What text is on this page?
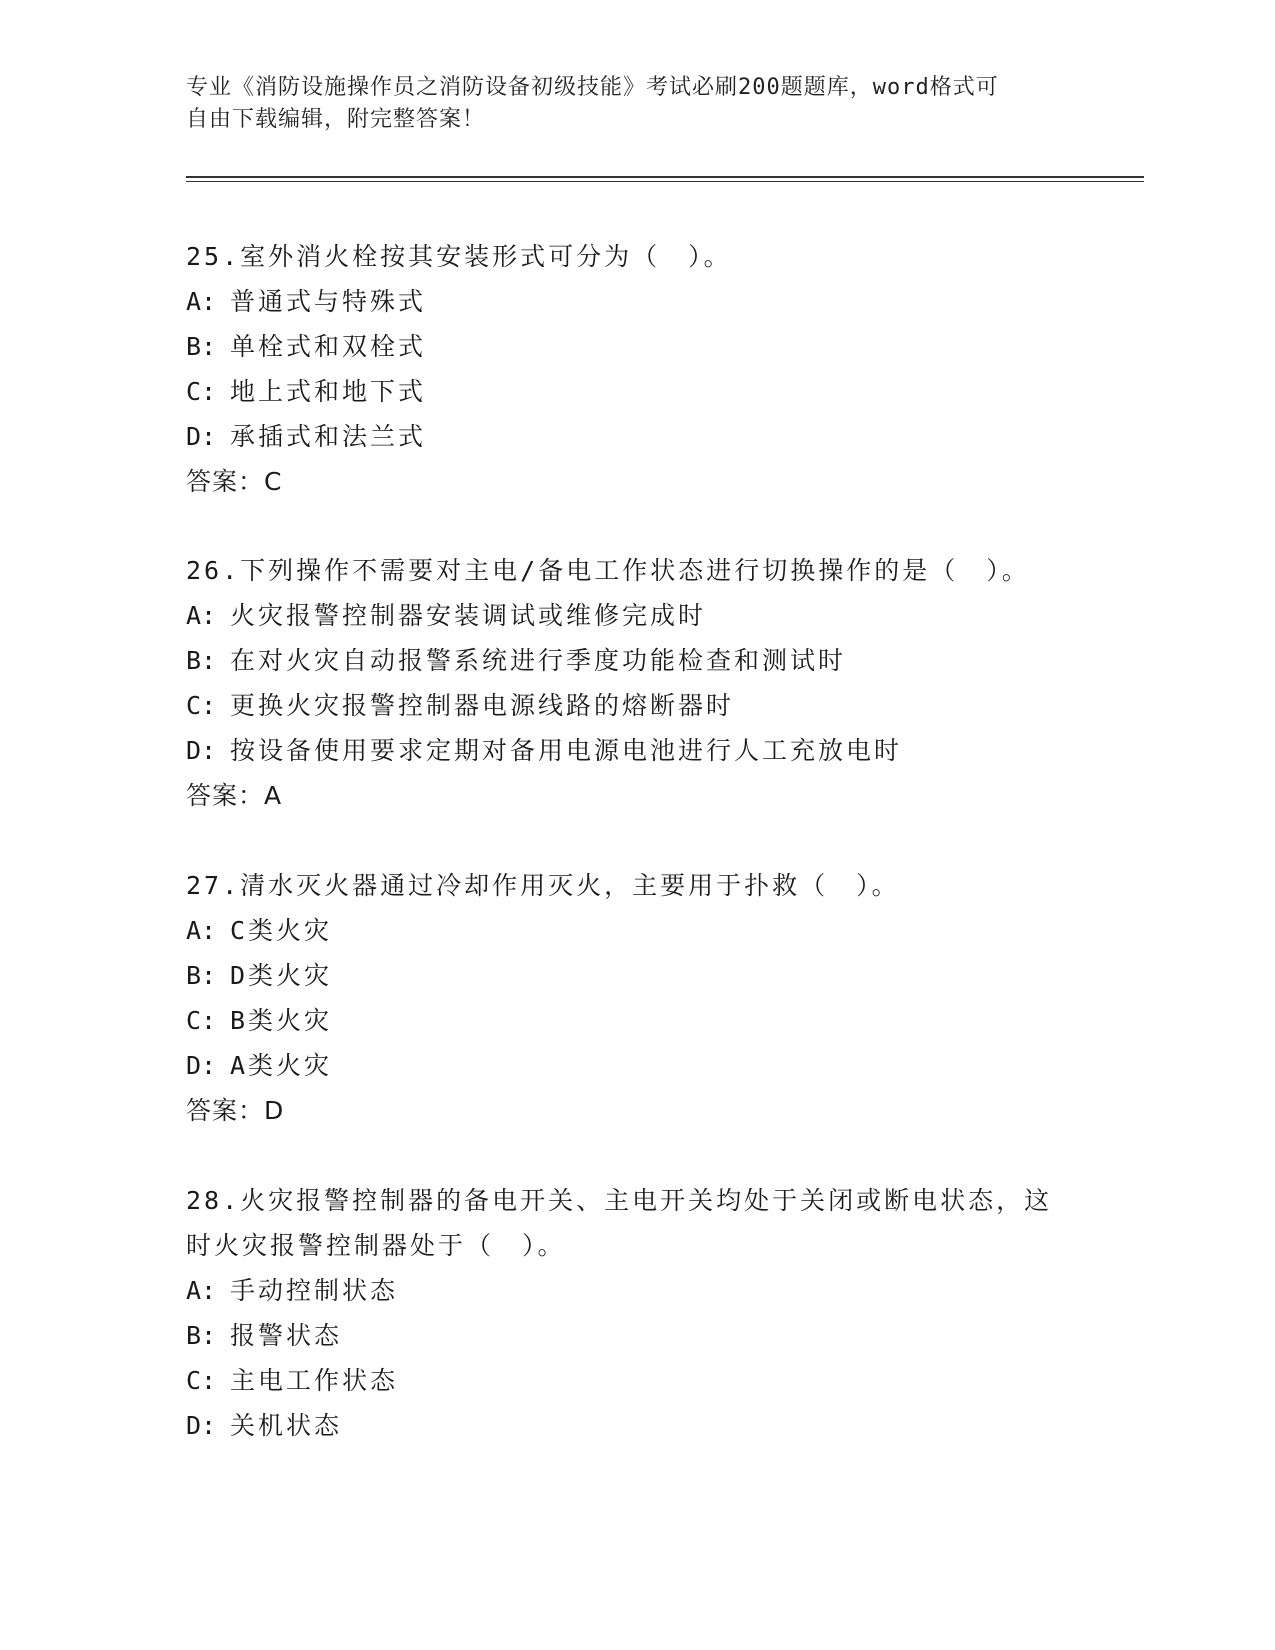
专业《消防设施操作员之消防设备初级技能》考试必刷200题题库，word格式可
自由下载编辑，附完整答案！

25.室外消火栓按其安装形式可分为（　）。

A: 普通式与特殊式

B: 单栓式和双栓式

C: 地上式和地下式

D: 承插式和法兰式

答案：C

26.下列操作不需要对主电/备电工作状态进行切换操作的是（　）。

A: 火灾报警控制器安装调试或维修完成时

B: 在对火灾自动报警系统进行季度功能检查和测试时

C: 更换火灾报警控制器电源线路的熔断器时

D: 按设备使用要求定期对备用电源电池进行人工充放电时

答案：A

27.清水灭火器通过冷却作用灭火，主要用于扑救（　）。

A: C类火灾

B: D类火灾

C: B类火灾

D: A类火灾

答案：D

28.火灾报警控制器的备电开关、主电开关均处于关闭或断电状态，这时火灾报警控制器处于（　）。

A: 手动控制状态

B: 报警状态

C: 主电工作状态

D: 关机状态
